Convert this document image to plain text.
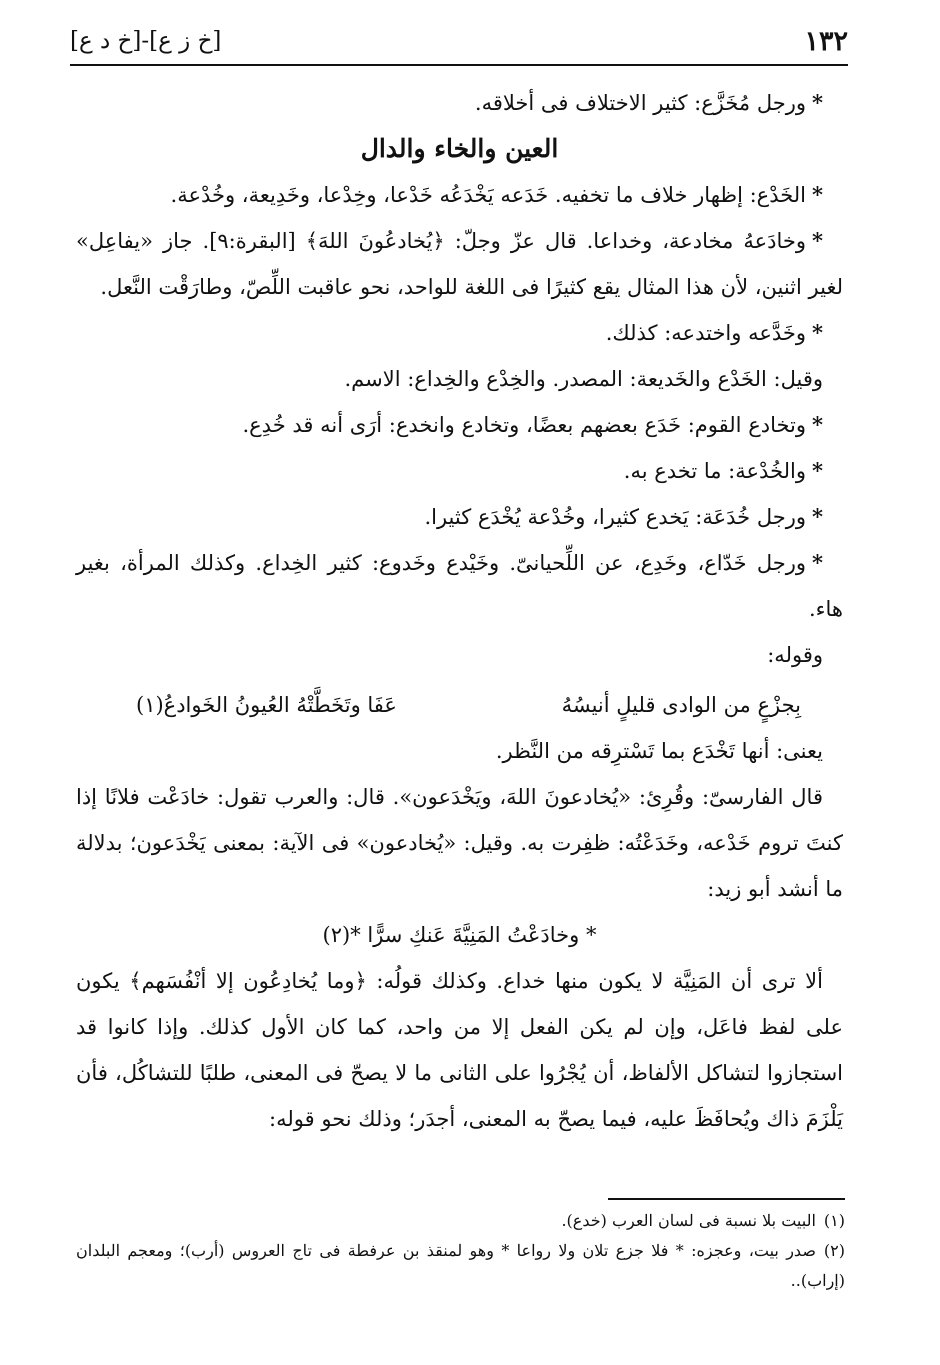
١٣٢
[خ ز ع]-[خ د ع]

*ورجل مُخَزَّع: كثير الاختلاف فى أخلاقه.

العين والخاء والدال

*الخَدْع: إظهار خلاف ما تخفيه. خَدَعه يَخْدَعُه خَدْعا، وخِدْعا، وخَدِيعة، وخُدْعة.

*وخادَعهُ مخادعة، وخداعا. قال عزّ وجلّ: ﴿يُخادعُونَ اللهَ﴾ [البقرة:٩]. جاز «يفاعِل» لغير اثنين، لأن هذا المثال يقع كثيرًا فى اللغة للواحد، نحو عاقبت اللِّصّ، وطارَقْت النَّعل.

*وخَدَّعه واختدعه: كذلك.

وقيل: الخَدْع والخَديعة: المصدر. والخِدْع والخِداع: الاسم.

*وتخادع القوم: خَدَع بعضهم بعضًا، وتخادع وانخدع: أرَى أنه قد خُدِع.

*والخُدْعة: ما تخدع به.

*ورجل خُدَعَة: يَخدع كثيرا، وخُدْعة يُخْدَع كثيرا.

*ورجل خَدّاع، وخَدِع، عن اللِّحيانىّ. وخَيْدع وخَدوع: كثير الخِداع. وكذلك المرأة، بغير هاء.

وقوله:

بِجزْعٍ من الوادى قليلٍ أنيسُهُ
عَفَا وتَخَطَّتْهُ العُيونُ الخَوادعُ(١)

يعنى: أنها تَخْدَع بما تَسْترِقه من النَّظر.

قال الفارسىّ: وقُرِئ: «يُخادعونَ اللهَ، ويَخْدَعون». قال: والعرب تقول: خادَعْت فلانًا إذا كنتَ تروم خَدْعه، وخَدَعْتُه: ظفِرت به. وقيل: «يُخادعون» فى الآية: بمعنى يَخْدَعون؛ بدلالة ما أنشد أبو زيد:

* وخادَعْتُ المَنِيَّةَ عَنكِ سرًّا *(٢)

ألا ترى أن المَنِيَّة لا يكون منها خداع. وكذلك قولُه: ﴿وما يُخادِعُون إلا أنْفُسَهم﴾ يكون على لفظ فاعَل، وإن لم يكن الفعل إلا من واحد، كما كان الأول كذلك. وإذا كانوا قد استجازوا لتشاكل الألفاظ، أن يُجْرُوا على الثانى ما لا يصحّ فى المعنى، طلبًا للتشاكُل، فأن يَلْزَمَ ذاك ويُحافَظَ عليه، فيما يصحّ به المعنى، أجدَر؛ وذلك نحو قوله:

(١)البيت بلا نسبة فى لسان العرب (خدع).

(٢)صدر بيت، وعجزه: * فلا جزع تلان ولا رواعا * وهو لمنقذ بن عرفطة فى تاج العروس (أرب)؛ ومعجم البلدان (إراب)..
